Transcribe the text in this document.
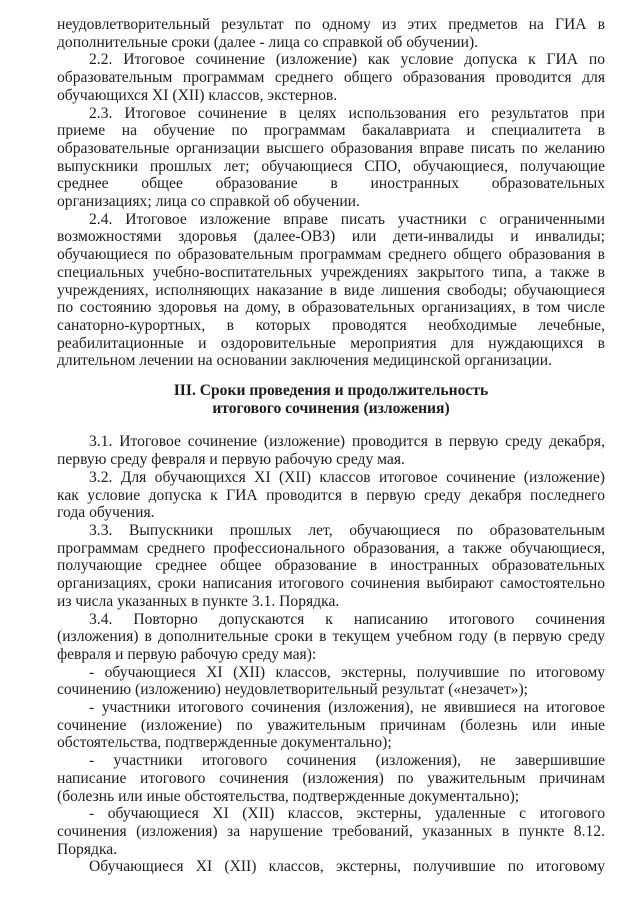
неудовлетворительный результат по одному из этих предметов на ГИА в
дополнительные сроки (далее - лица со справкой об обучении).
2.2. Итоговое сочинение (изложение) как условие допуска к ГИА по
образовательным программам среднего общего образования проводится для
обучающихся XI (XII) классов, экстернов.
2.3. Итоговое сочинение в целях использования его результатов при
приеме на обучение по программам бакалавриата и специалитета в
образовательные организации высшего образования вправе писать по желанию
выпускники прошлых лет; обучающиеся СПО, обучающиеся, получающие
среднее общее образование в иностранных образовательных
организациях; лица со справкой об обучении.
2.4. Итоговое изложение вправе писать участники с ограниченными
возможностями здоровья (далее-ОВЗ) или дети-инвалиды и инвалиды;
обучающиеся по образовательным программам среднего общего образования в
специальных учебно-воспитательных учреждениях закрытого типа, а также в
учреждениях, исполняющих наказание в виде лишения свободы; обучающиеся
по состоянию здоровья на дому, в образовательных организациях, в том числе
санаторно-курортных, в которых проводятся необходимые лечебные,
реабилитационные и оздоровительные мероприятия для нуждающихся в
длительном лечении на основании заключения медицинской организации.
III. Сроки проведения и продолжительность
итогового сочинения (изложения)
3.1. Итоговое сочинение (изложение) проводится в первую среду декабря,
первую среду февраля и первую рабочую среду мая.
3.2. Для обучающихся XI (XII) классов итоговое сочинение (изложение)
как условие допуска к ГИА проводится в первую среду декабря последнего
года обучения.
3.3. Выпускники прошлых лет, обучающиеся по образовательным
программам среднего профессионального образования, а также обучающиеся,
получающие среднее общее образование в иностранных образовательных
организациях, сроки написания итогового сочинения выбирают самостоятельно
из числа указанных в пункте 3.1. Порядка.
3.4. Повторно допускаются к написанию итогового сочинения
(изложения) в дополнительные сроки в текущем учебном году (в первую среду
февраля и первую рабочую среду мая):
- обучающиеся XI (XII) классов, экстерны, получившие по итоговому
сочинению (изложению) неудовлетворительный результат («незачет»);
- участники итогового сочинения (изложения), не явившиеся на итоговое
сочинение (изложение) по уважительным причинам (болезнь или иные
обстоятельства, подтвержденные документально);
- участники итогового сочинения (изложения), не завершившие
написание итогового сочинения (изложения) по уважительным причинам
(болезнь или иные обстоятельства, подтвержденные документально);
- обучающиеся XI (XII) классов, экстерны, удаленные с итогового
сочинения (изложения) за нарушение требований, указанных в пункте 8.12.
Порядка.
Обучающиеся XI (XII) классов, экстерны, получившие по итоговому
